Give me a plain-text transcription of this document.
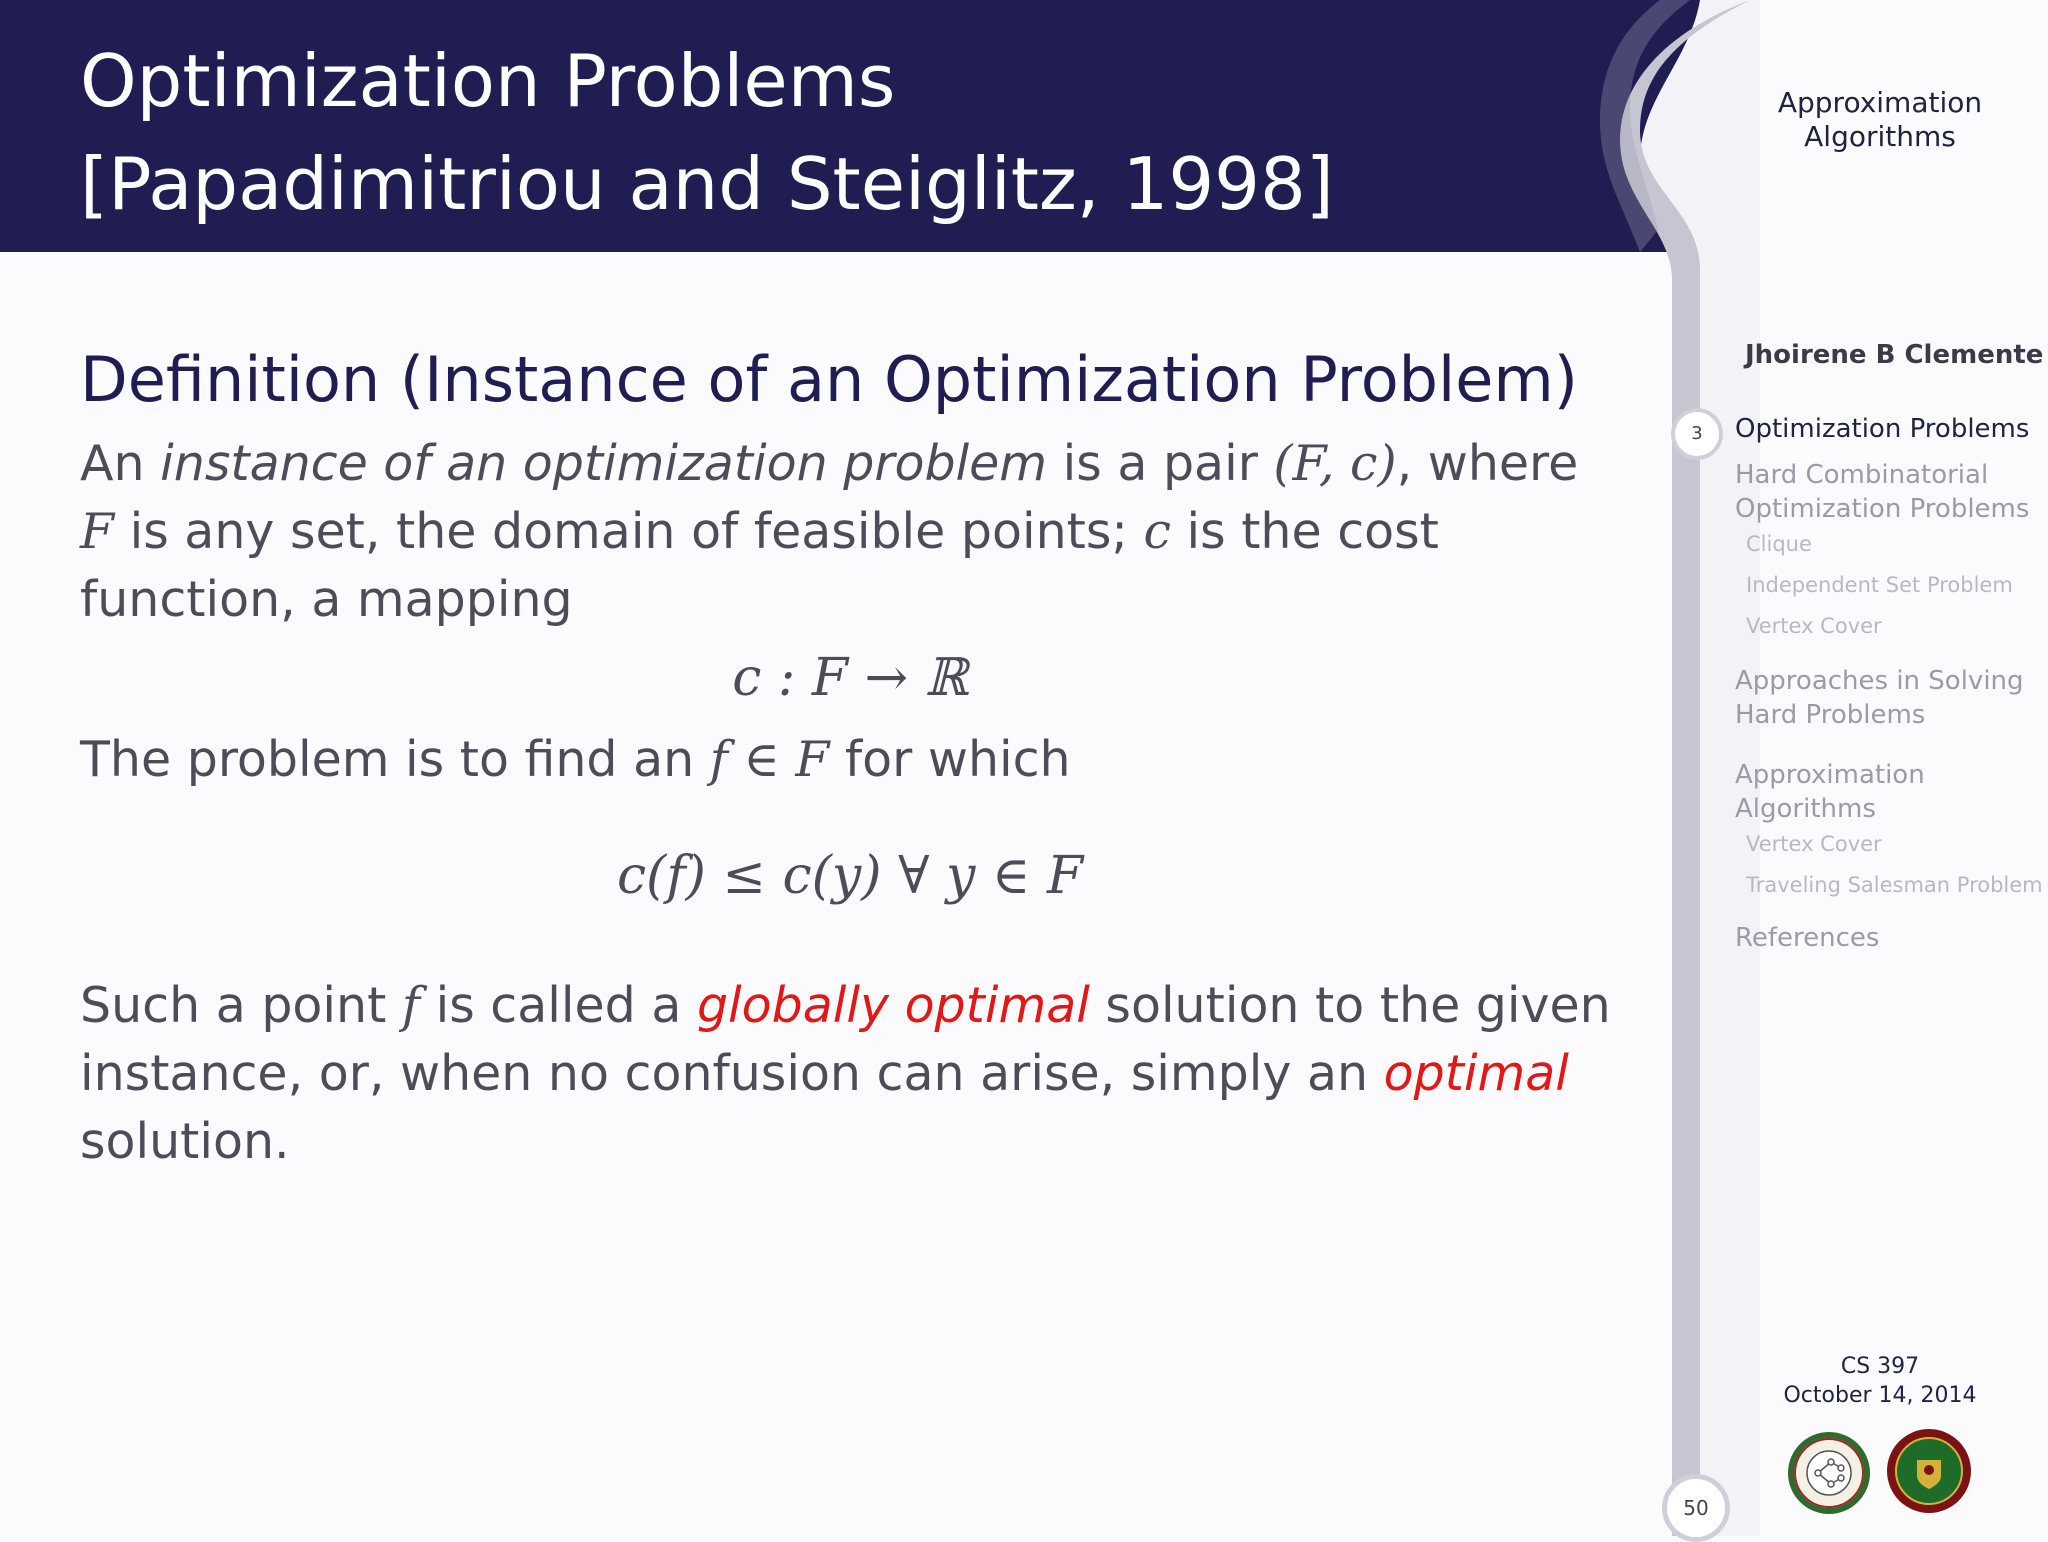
Optimization Problems
[Papadimitriou and Steiglitz, 1998]
Approximation
Algorithms
Jhoirene B Clemente
3	Optimization Problems
Hard Combinatorial Optimization Problems
Clique
Independent Set Problem
Vertex Cover
Approaches in Solving Hard Problems
Approximation Algorithms
Vertex Cover
Traveling Salesman Problem
References
CS 397
October 14, 2014
50
Definition (Instance of an Optimization Problem)

An instance of an optimization problem is a pair (F, c), where F is any set, the domain of feasible points; c is the cost function, a mapping

c : F → ℝ

The problem is to find an f ∈ F for which

c(f) ≤ c(y) ∀ y ∈ F

Such a point f is called a globally optimal solution to the given instance, or, when no confusion can arise, simply an optimal solution.
